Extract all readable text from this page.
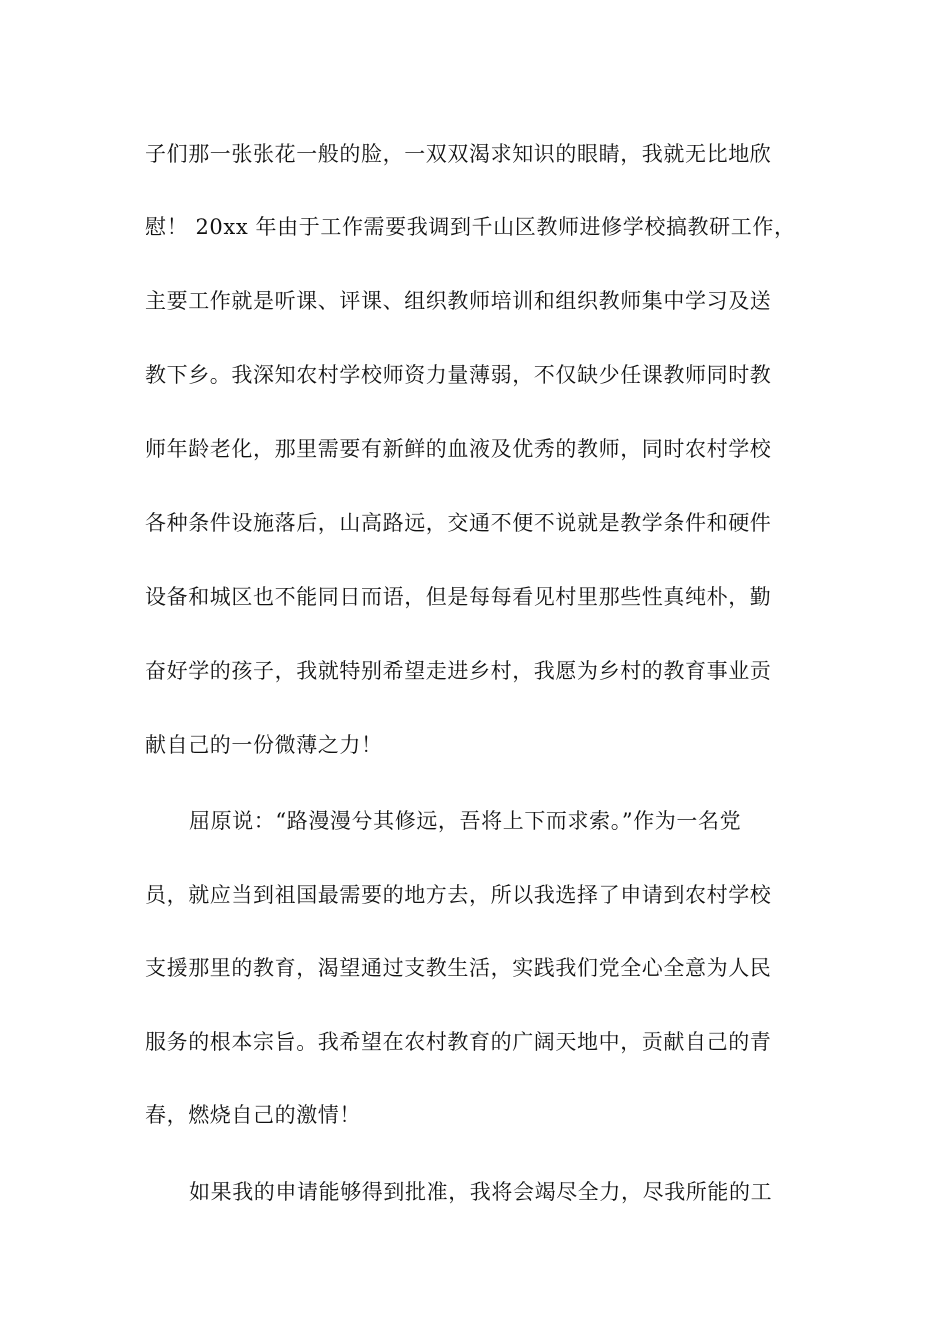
子们那一张张花一般的脸，一双双渴求知识的眼睛，我就无比地欣
慰！ 20xx 年由于工作需要我调到千山区教师进修学校搞教研工作，
主要工作就是听课、评课、组织教师培训和组织教师集中学习及送
教下乡。我深知农村学校师资力量薄弱，不仅缺少任课教师同时教
师年龄老化，那里需要有新鲜的血液及优秀的教师，同时农村学校
各种条件设施落后，山高路远，交通不便不说就是教学条件和硬件
设备和城区也不能同日而语，但是每每看见村里那些性真纯朴，勤
奋好学的孩子，我就特别希望走进乡村，我愿为乡村的教育事业贡
献自己的一份微薄之力！
屈原说：“路漫漫兮其修远，吾将上下而求索。”作为一名党
员，就应当到祖国最需要的地方去，所以我选择了申请到农村学校
支援那里的教育，渴望通过支教生活，实践我们党全心全意为人民
服务的根本宗旨。我希望在农村教育的广阔天地中，贡献自己的青
春，燃烧自己的激情！
如果我的申请能够得到批准，我将会竭尽全力，尽我所能的工
